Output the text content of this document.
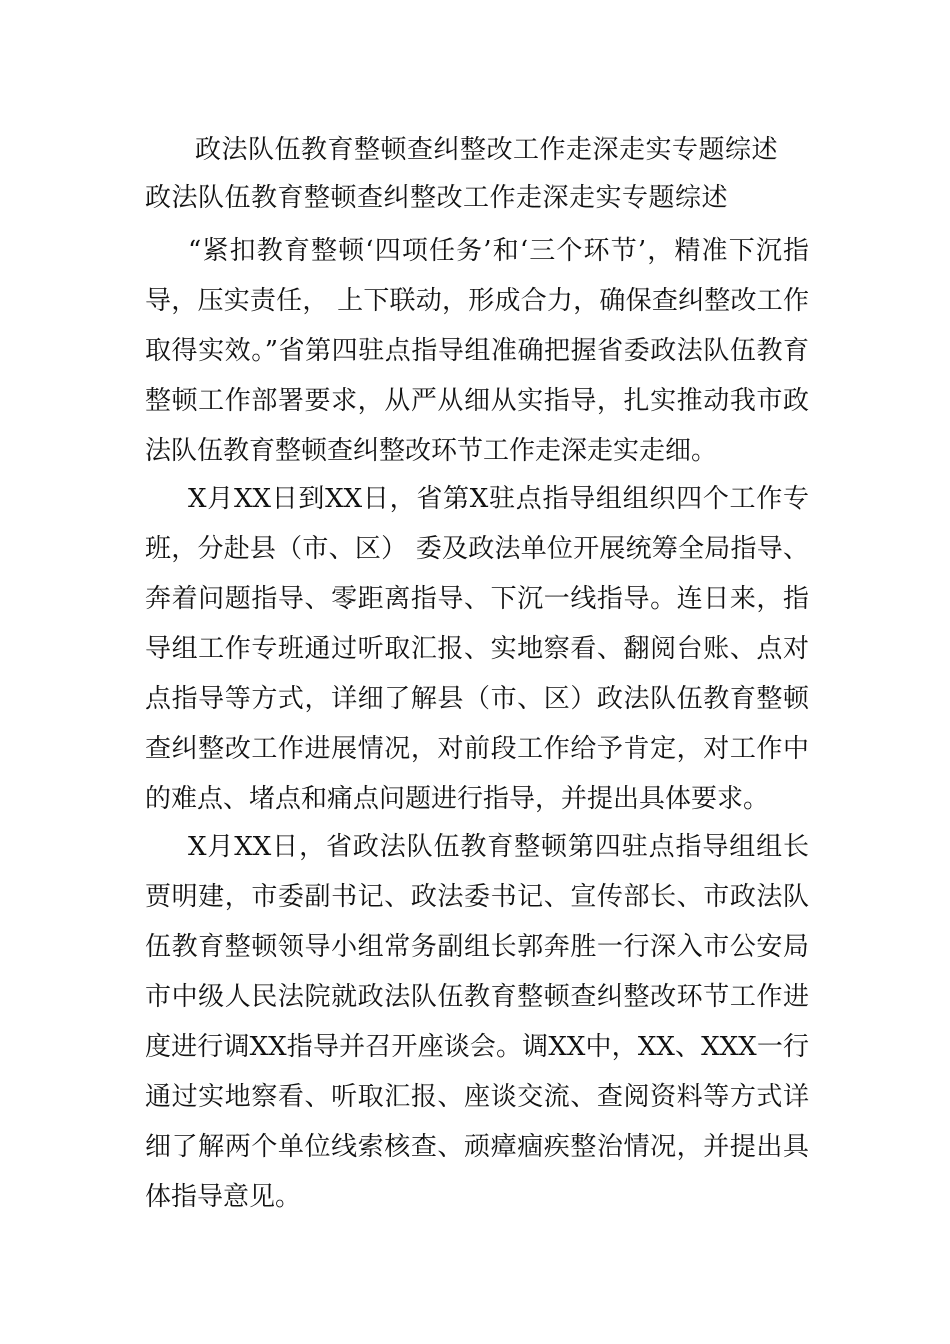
政法队伍教育整顿查纠整改工作走深走实专题综述
政法队伍教育整顿查纠整改工作走深走实专题综述

“紧扣教育整顿‘四项任务’和‘三个环节’，精准下沉指导，压实责任， 上下联动，形成合力，确保查纠整改工作取得实效。”省第四驻点指导组准确把握省委政法队伍教育整顿工作部署要求，从严从细从实指导，扎实推动我市政法队伍教育整顿查纠整改环节工作走深走实走细。

X月XX日到XX日，省第X驻点指导组组织四个工作专班，分赴县（市、区） 委及政法单位开展统筹全局指导、奔着问题指导、零距离指导、下沉一线指导。连日来，指导组工作专班通过听取汇报、实地察看、翻阅台账、点对点指导等方式，详细了解县（市、区）政法队伍教育整顿查纠整改工作进展情况，对前段工作给予肯定，对工作中的难点、堵点和痛点问题进行指导，并提出具体要求。

X月XX日，省政法队伍教育整顿第四驻点指导组组长贾明建，市委副书记、政法委书记、宣传部长、市政法队伍教育整顿领导小组常务副组长郭奔胜一行深入市公安局市中级人民法院就政法队伍教育整顿查纠整改环节工作进度进行调XX指导并召开座谈会。调XX中，XX、XXX一行通过实地察看、听取汇报、座谈交流、查阅资料等方式详细了解两个单位线索核查、顽瘴痼疾整治情况，并提出具体指导意见。
